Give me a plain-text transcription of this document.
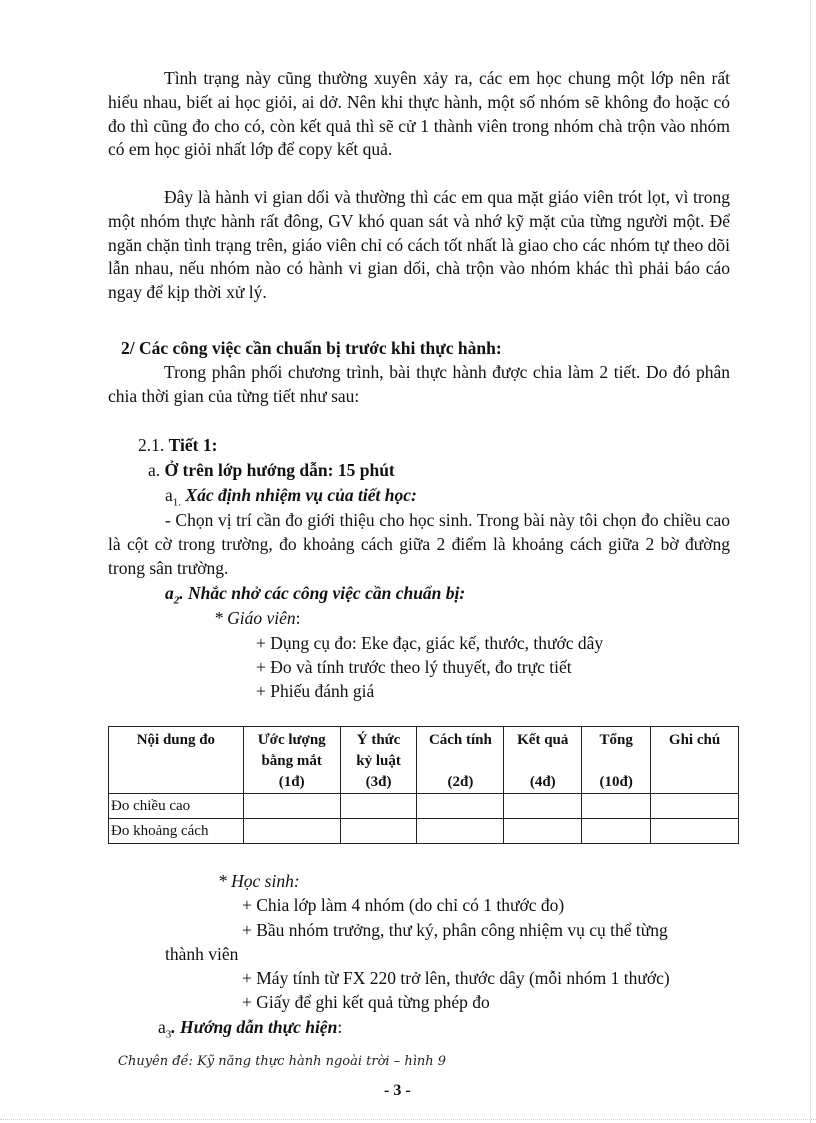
Tình trạng này cũng thường xuyên xảy ra, các em học chung một lớp nên rất hiểu nhau, biết ai học giỏi, ai dở. Nên khi thực hành, một số nhóm sẽ không đo hoặc có đo thì cũng đo cho có, còn kết quả thì sẽ cử 1 thành viên trong nhóm chà trộn vào nhóm có em học giỏi nhất lớp để copy kết quả.

Đây là hành vi gian dối và thường thì các em qua mặt giáo viên trót lọt, vì trong một nhóm thực hành rất đông, GV khó quan sát và nhớ kỹ mặt của từng người một. Để ngăn chặn tình trạng trên, giáo viên chỉ có cách tốt nhất là giao cho các nhóm tự theo dõi lẫn nhau, nếu nhóm nào có hành vi gian dối, chà trộn vào nhóm khác thì phải báo cáo ngay để kịp thời xử lý.

2/ Các công việc cần chuẩn bị trước khi thực hành:

Trong phân phối chương trình, bài thực hành được chia làm 2 tiết. Do đó phân chia thời gian của từng tiết như sau:

2.1. Tiết 1:
a. Ở trên lớp hướng dẫn: 15 phút
$a_{1.}$ Xác định nhiệm vụ của tiết học:

- Chọn vị trí cần đo giới thiệu cho học sinh. Trong bài này tôi chọn đo chiều cao là cột cờ trong trường, đo khoảng cách giữa 2 điểm là khoảng cách giữa 2 bờ đường trong sân trường.

$a_2$. Nhắc nhở các công việc cần chuẩn bị:
* Giáo viên:
+ Dụng cụ đo: Eke đạc, giác kế, thước, thước dây
+ Đo và tính trước theo lý thuyết, đo trực tiết
+ Phiếu đánh giá
Nội dung đo	Ước lượng
bằng mắt
(1đ)	Ý thức
kỷ luật
(3đ)	Cách tính

(2đ)	Kết quả

(4đ)	Tổng

(10đ)	Ghi chú
Đo chiều cao						
Đo khoảng cách						
* Học sinh:
+ Chia lớp làm 4 nhóm (do chỉ có 1 thước đo)
+ Bầu nhóm trưởng, thư ký, phân công nhiệm vụ cụ thể từng
thành viên
+ Máy tính từ FX 220 trở lên, thước dây (mỗi nhóm 1 thước)
+ Giấy để ghi kết quả từng phép đo
$a_3$. Hướng dẫn thực hiện:
Chuyên đề: Kỹ năng thực hành ngoài trời – hình 9
- 3 -
